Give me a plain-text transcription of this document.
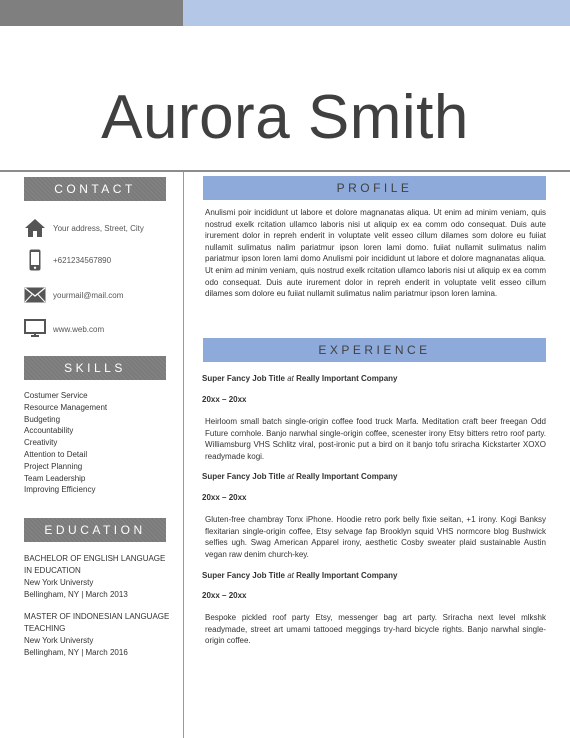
Aurora Smith
CONTACT
Your address, Street, City
+621234567890
yourmail@mail.com
www.web.com
SKILLS
Costumer Service
Resource Management
Budgeting
Accountability
Creativity
Attention to Detail
Project Planning
Team Leadership
Improving Efficiency
EDUCATION
BACHELOR OF ENGLISH LANGUAGE IN EDUCATION
New York Universty
Bellingham, NY | March 2013
MASTER OF INDONESIAN LANGUAGE TEACHING
New York Universty
Bellingham, NY | March 2016
PROFILE

Anulismi poir incididunt ut labore et dolore magnanatas aliqua. Ut enim ad minim veniam, quis nostrud exelk rcitation ullamco laboris nisi ut aliquip ex ea comm odo consequat. Duis aute irurement dolor in repreh enderit in voluptate velit esseo cillum dilames som dolore eu fuiiat nullamit sulimatus nalim pariatmur ipson loren lami domo. fuiiat nullamit sulimatus nalim pariatmur ipson loren lami domo Anulismi poir incididunt ut labore et dolore magnanatas aliqua. Ut enim ad minim veniam, quis nostrud exelk rcitation ullamco laboris nisi ut aliquip ex ea comm odo consequat. Duis aute irurement dolor in repreh enderit in voluptate velit esseo cillum dilames som dolore eu fuiiat nullamit sulimatus nalim pariatmur ipson loren lamina.

EXPERIENCE
Super Fancy Job Title at Really Important Company
20xx – 20xx

Heirloom small batch single-origin coffee food truck Marfa. Meditation craft beer freegan Odd Future cornhole. Banjo narwhal single-origin coffee, scenester irony Etsy bitters retro roof party. Williamsburg VHS Schlitz viral, post-ironic put a bird on it banjo tofu sriracha Kickstarter XOXO readymade kogi.

Super Fancy Job Title at Really Important Company
20xx – 20xx

Gluten-free chambray Tonx iPhone. Hoodie retro pork belly fixie seitan, +1 irony. Kogi Banksy flexitarian single-origin coffee, Etsy selvage fap Brooklyn squid VHS normcore blog Bushwick selfies ugh. Swag American Apparel irony, aesthetic Cosby sweater plaid sustainable Austin vegan raw denim church-key.

Super Fancy Job Title at Really Important Company
20xx – 20xx

Bespoke pickled roof party Etsy, messenger bag art party. Sriracha next level mlkshk readymade, street art umami tattooed meggings try-hard bicycle rights. Banjo narwhal single-origin coffee.
